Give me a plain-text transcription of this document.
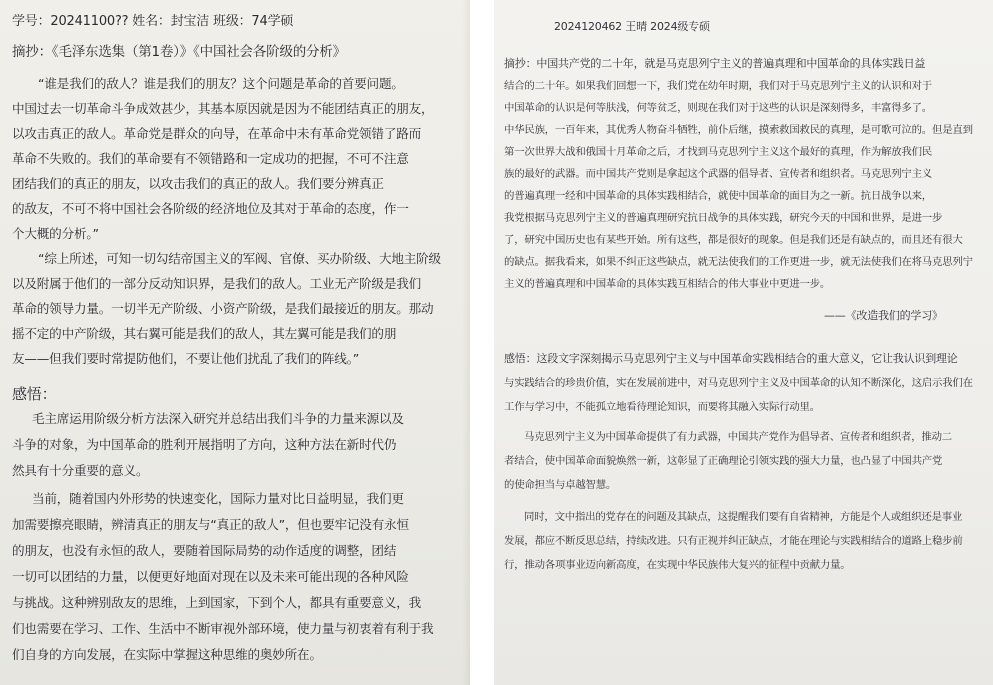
学号：20241100?? 姓名：封宝洁 班级：74学硕
摘抄：《毛泽东选集（第1卷）》《中国社会各阶级的分析》
“谁是我们的敌人？谁是我们的朋友？这个问题是革命的首要问题。
中国过去一切革命斗争成效甚少，其基本原因就是因为不能团结真正的朋友，
以攻击真正的敌人。革命党是群众的向导，在革命中未有革命党领错了路而
革命不失败的。我们的革命要有不领错路和一定成功的把握，不可不注意
团结我们的真正的朋友，以攻击我们的真正的敌人。我们要分辨真正
的敌友，不可不将中国社会各阶级的经济地位及其对于革命的态度，作一
个大概的分析。”
“综上所述，可知一切勾结帝国主义的军阀、官僚、买办阶级、大地主阶级
以及附属于他们的一部分反动知识界，是我们的敌人。工业无产阶级是我们
革命的领导力量。一切半无产阶级、小资产阶级，是我们最接近的朋友。那动
摇不定的中产阶级，其右翼可能是我们的敌人，其左翼可能是我们的朋
友——但我们要时常提防他们，不要让他们扰乱了我们的阵线。”
感悟：
毛主席运用阶级分析方法深入研究并总结出我们斗争的力量来源以及
斗争的对象，为中国革命的胜利开展指明了方向，这种方法在新时代仍
然具有十分重要的意义。
当前，随着国内外形势的快速变化，国际力量对比日益明显，我们更
加需要擦亮眼睛，辨清真正的朋友与“真正的敌人”，但也要牢记没有永恒
的朋友，也没有永恒的敌人，要随着国际局势的动作适度的调整，团结
一切可以团结的力量，以便更好地面对现在以及未来可能出现的各种风险
与挑战。这种辨别敌友的思维，上到国家，下到个人，都具有重要意义，我
们也需要在学习、工作、生活中不断审视外部环境，使力量与初衷着有利于我
们自身的方向发展，在实际中掌握这种思维的奥妙所在。
2024120462 王晴 2024级专硕
摘抄：中国共产党的二十年，就是马克思列宁主义的普遍真理和中国革命的具体实践日益
结合的二十年。如果我们回想一下，我们党在幼年时期，我们对于马克思列宁主义的认识和对于
中国革命的认识是何等肤浅，何等贫乏，则现在我们对于这些的认识是深刻得多，丰富得多了。
中华民族，一百年来，其优秀人物奋斗牺牲，前仆后继，摸索救国救民的真理，是可歌可泣的。但是直到
第一次世界大战和俄国十月革命之后，才找到马克思列宁主义这个最好的真理，作为解放我们民
族的最好的武器。而中国共产党则是拿起这个武器的倡导者、宣传者和组织者。马克思列宁主义
的普遍真理一经和中国革命的具体实践相结合，就使中国革命的面目为之一新。抗日战争以来，
我党根据马克思列宁主义的普遍真理研究抗日战争的具体实践，研究今天的中国和世界，是进一步
了，研究中国历史也有某些开始。所有这些，都是很好的现象。但是我们还是有缺点的，而且还有很大
的缺点。据我看来，如果不纠正这些缺点，就无法使我们的工作更进一步，就无法使我们在将马克思列宁
主义的普遍真理和中国革命的具体实践互相结合的伟大事业中更进一步。
——《改造我们的学习》
感悟：这段文字深刻揭示马克思列宁主义与中国革命实践相结合的重大意义，它让我认识到理论
与实践结合的珍贵价值，实在发展前进中，对马克思列宁主义及中国革命的认知不断深化，这启示我们在
工作与学习中，不能孤立地看待理论知识，而要将其融入实际行动里。
马克思列宁主义为中国革命提供了有力武器，中国共产党作为倡导者、宣传者和组织者，推动二
者结合，使中国革命面貌焕然一新，这彰显了正确理论引领实践的强大力量，也凸显了中国共产党
的使命担当与卓越智慧。
同时，文中指出的党存在的问题及其缺点，这提醒我们要有自省精神，方能是个人或组织还是事业
发展，都应不断反思总结，持续改进。只有正视并纠正缺点，才能在理论与实践相结合的道路上稳步前
行，推动各项事业迈向新高度，在实现中华民族伟大复兴的征程中贡献力量。
